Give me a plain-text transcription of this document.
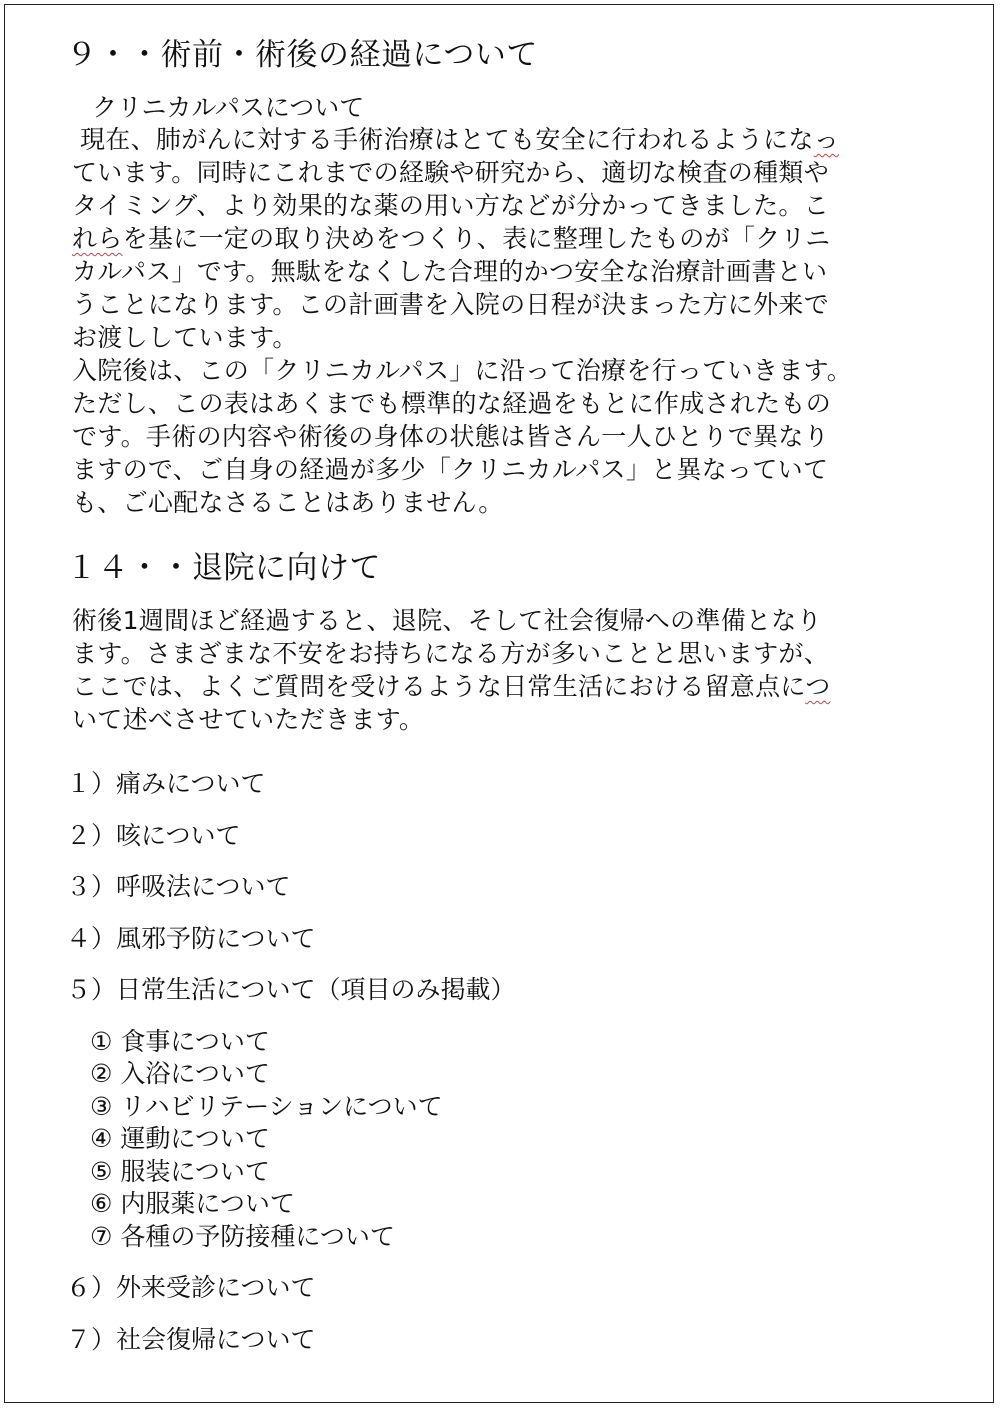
９・・術前・術後の経過について
クリニカルパスについて
現在、肺がんに対する手術治療はとても安全に行われるようになっ
ています。同時にこれまでの経験や研究から、適切な検査の種類や
タイミング、より効果的な薬の用い方などが分かってきました。こ
れらを基に一定の取り決めをつくり、表に整理したものが「クリニ
カルパス」です。無駄をなくした合理的かつ安全な治療計画書とい
うことになります。この計画書を入院の日程が決まった方に外来で
お渡ししています。
入院後は、この「クリニカルパス」に沿って治療を行っていきます。
ただし、この表はあくまでも標準的な経過をもとに作成されたもの
です。手術の内容や術後の身体の状態は皆さん一人ひとりで異なり
ますので、ご自身の経過が多少「クリニカルパス」と異なっていて
も、ご心配なさることはありません。
１４・・退院に向けて
術後1週間ほど経過すると、退院、そして社会復帰への準備となり
ます。さまざまな不安をお持ちになる方が多いことと思いますが、
ここでは、よくご質問を受けるような日常生活における留意点につ
いて述べさせていただきます。
１）痛みについて
２）咳について
３）呼吸法について
４）風邪予防について
５）日常生活について（項目のみ掲載）
① 食事について
② 入浴について
③ リハビリテーションについて
④ 運動について
⑤ 服装について
⑥ 内服薬について
⑦ 各種の予防接種について
６）外来受診について
７）社会復帰について
